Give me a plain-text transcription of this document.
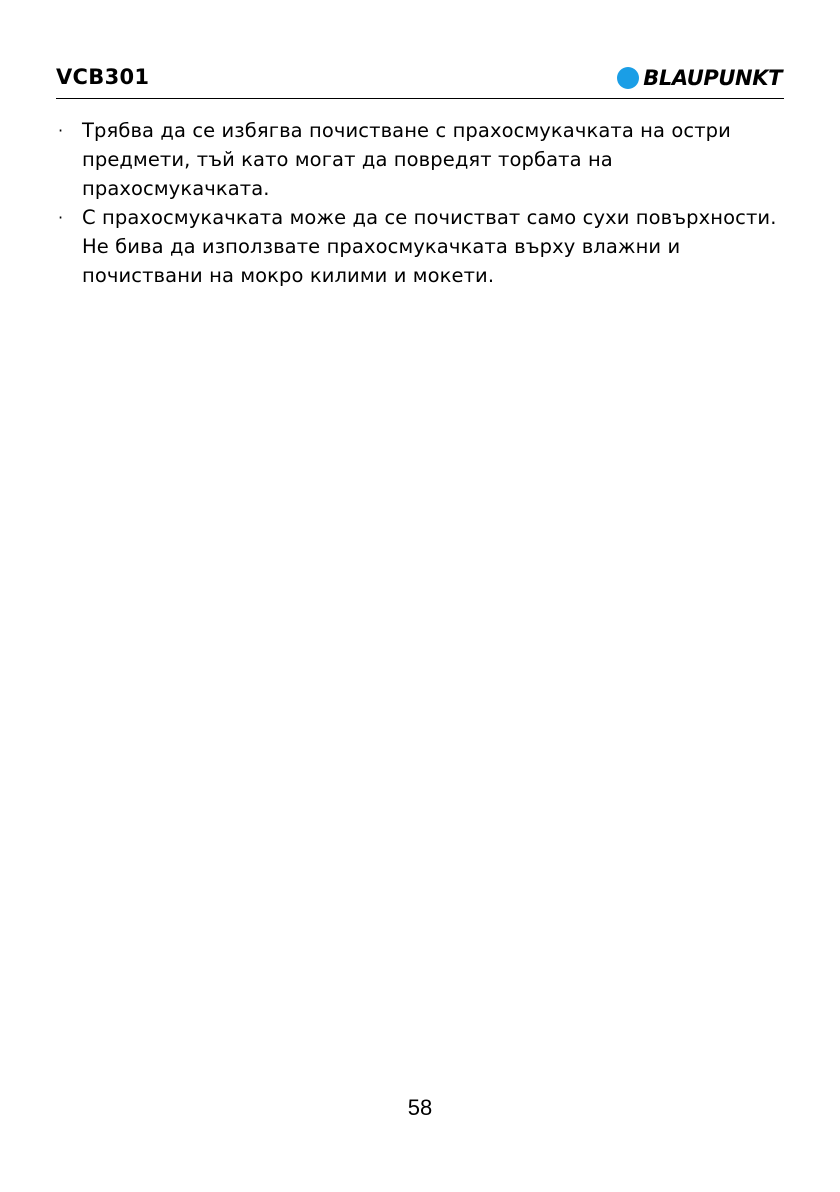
VCB301	BLAUPUNKT
· Трябва да се избягва почистване с прахосмукачката на остри предмети, тъй като могат да повредят торбата на прахосмукачката.
· С прахосмукачката може да се почистват само сухи повърхности. Не бива да използвате прахосмукачката върху влажни и почиствани на мокро килими и мокети.
58
